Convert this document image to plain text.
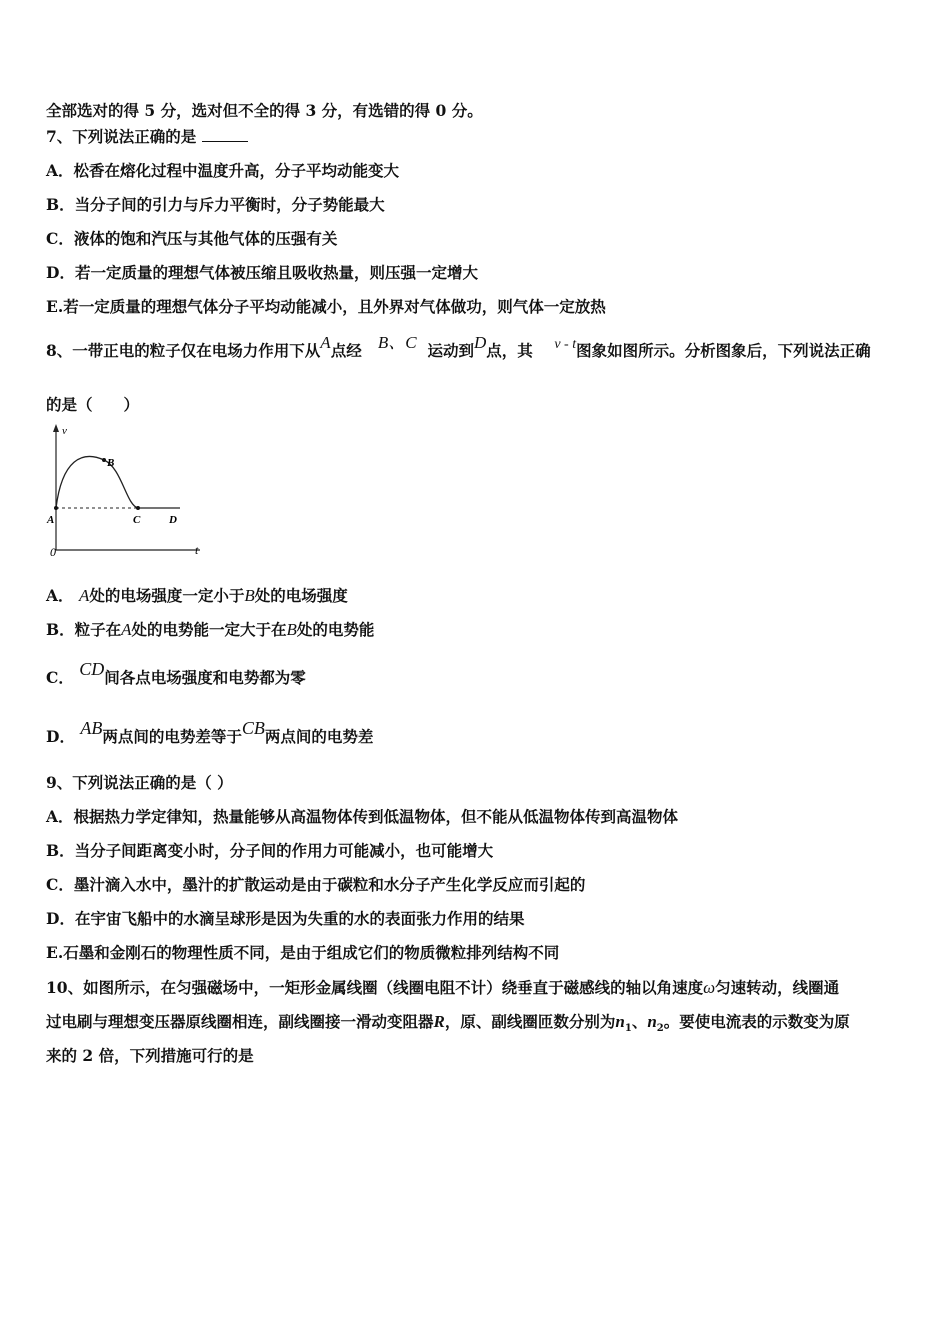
全部选对的得 5 分，选对但不全的得 3 分，有选错的得 0 分。
7、下列说法正确的是
A．松香在熔化过程中温度升高，分子平均动能变大
B．当分子间的引力与斥力平衡时，分子势能最大
C．液体的饱和汽压与其他气体的压强有关
D．若一定质量的理想气体被压缩且吸收热量，则压强一定增大
E.若一定质量的理想气体分子平均动能减小，且外界对气体做功，则气体一定放热
8、一带正电的粒子仅在电场力作用下从A点经 B、C 运动到D点，其 v - t图象如图所示。分析图象后，下列说法正确
的是（　　）
v
t
0
A
B
C	D
A． A处的电场强度一定小于B处的电场强度
B．粒子在A处的电势能一定大于在B处的电势能
C． CD间各点电场强度和电势都为零
D． AB两点间的电势差等于CB两点间的电势差
9、下列说法正确的是（ ）
A．根据热力学定律知，热量能够从高温物体传到低温物体，但不能从低温物体传到高温物体
B．当分子间距离变小时，分子间的作用力可能减小，也可能增大
C．墨汁滴入水中，墨汁的扩散运动是由于碳粒和水分子产生化学反应而引起的
D．在宇宙飞船中的水滴呈球形是因为失重的水的表面张力作用的结果
E.石墨和金刚石的物理性质不同，是由于组成它们的物质微粒排列结构不同
10、如图所示，在匀强磁场中，一矩形金属线圈（线圈电阻不计）绕垂直于磁感线的轴以角速度ω匀速转动，线圈通
过电刷与理想变压器原线圈相连，副线圈接一滑动变阻器R，原、副线圈匝数分别为$n_1$、$n_2$。要使电流表的示数变为原
来的 2 倍，下列措施可行的是
